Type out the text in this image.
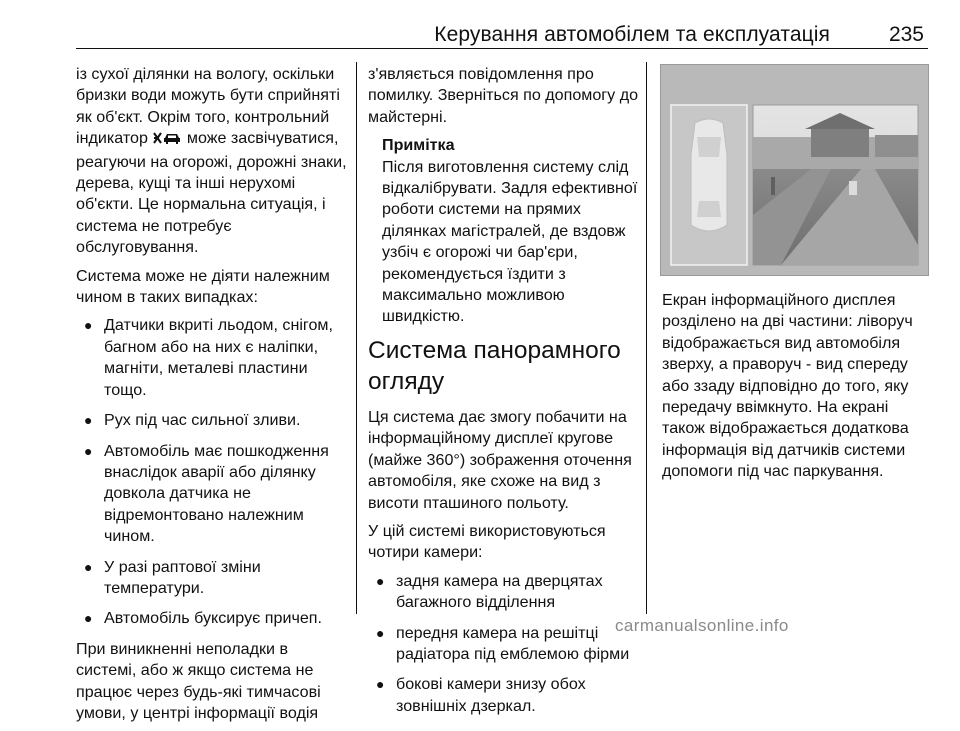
Керування автомобілем та експлуатація	235

із сухої ділянки на вологу, оскільки бризки води можуть бути сприйняті як об'єкт. Окрім того, контрольний індикатор може засвічуватися, реагуючи на огорожі, дорожні знаки, дерева, кущі та інші нерухомі об'єкти. Це нормальна ситуація, і система не потребує обслуговування.

Система може не діяти належним чином в таких випадках:

● Датчики вкриті льодом, снігом, багном або на них є наліпки, магніти, металеві пластини тощо.
● Рух під час сильної зливи.
● Автомобіль має пошкодження внаслідок аварії або ділянку довкола датчика не відремонтовано належним чином.
● У разі раптової зміни температури.
● Автомобіль буксирує причеп.

При виникненні неполадки в системі, або ж якщо система не працює через будь-які тимчасові умови, у центрі інформації водія

з'являється повідомлення про помилку. Зверніться по допомогу до майстерні.

Примітка

Після виготовлення систему слід відкалібрувати. Задля ефективної роботи системи на прямих ділянках магістралей, де вздовж узбіч є огорожі чи бар'єри, рекомендується їздити з максимально можливою швидкістю.

Система панорамного огляду

Ця система дає змогу побачити на інформаційному дисплеї кругове (майже 360°) зображення оточення автомобіля, яке схоже на вид з висоти пташиного польоту.

У цій системі використовуються чотири камери:

● задня камера на дверцятах багажного відділення
● передня камера на решітці радіатора під емблемою фірми
● бокові камери знизу обох зовнішніх дзеркал.

Екран інформаційного дисплея розділено на дві частини: ліворуч відображається вид автомобіля зверху, а праворуч - вид спереду або ззаду відповідно до того, яку передачу ввімкнуто. На екрані також відображається додаткова інформація від датчиків системи допомоги під час паркування.

carmanualsonline.info
